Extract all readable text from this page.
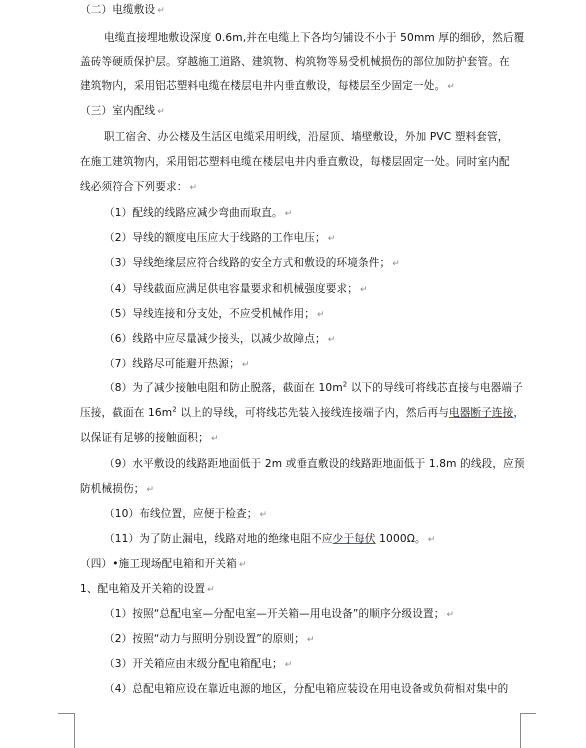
（二）电缆敷设 ↵
电缆直接埋地敷设深度 0.6m,并在电缆上下各均匀铺设不小于 50mm 厚的细砂，然后覆
盖砖等硬质保护层。穿越施工道路、建筑物、构筑物等易受机械损伤的部位加防护套管。在
建筑物内，采用铝芯塑料电缆在楼层电井内垂直敷设，每楼层至少固定一处。 ↵
（三）室内配线 ↵
职工宿舍、办公楼及生活区电缆采用明线，沿屋顶、墙壁敷设，外加 PVC 塑料套管，
在施工建筑物内，采用铝芯塑料电缆在楼层电井内垂直敷设，每楼层固定一处。同时室内配
线必须符合下列要求： ↵
（1）配线的线路应减少弯曲而取直。 ↵
（2）导线的额度电压应大于线路的工作电压； ↵
（3）导线绝缘层应符合线路的安全方式和敷设的环境条件； ↵
（4）导线截面应满足供电容量要求和机械强度要求； ↵
（5）导线连接和分支处，不应受机械作用； ↵
（6）线路中应尽量减少接头，以减少故障点； ↵
（7）线路尽可能避开热源； ↵
（8）为了减少接触电阻和防止脱落，截面在 $10m^2$ 以下的导线可将线芯直接与电器端子
压接，截面在 $16m^2$ 以上的导线，可将线芯先装入接线连接端子内，然后再与电器断子连接，
以保证有足够的接触面积； ↵
（9）水平敷设的线路距地面低于 2m 或垂直敷设的线路距地面低于 1.8m 的线段，应预
防机械损伤； ↵
（10）布线位置，应便于检查； ↵
（11）为了防止漏电，线路对地的绝缘电阻不应少于每伏 1000Ω。 ↵
（四）•施工现场配电箱和开关箱 ↵
1、配电箱及开关箱的设置 ↵
（1）按照“总配电室—分配电室—开关箱—用电设备”的顺序分级设置； ↵
（2）按照“动力与照明分别设置”的原则； ↵
（3）开关箱应由末级分配电箱配电； ↵
（4）总配电箱应设在靠近电源的地区，分配电箱应装设在用电设备或负荷相对集中的
